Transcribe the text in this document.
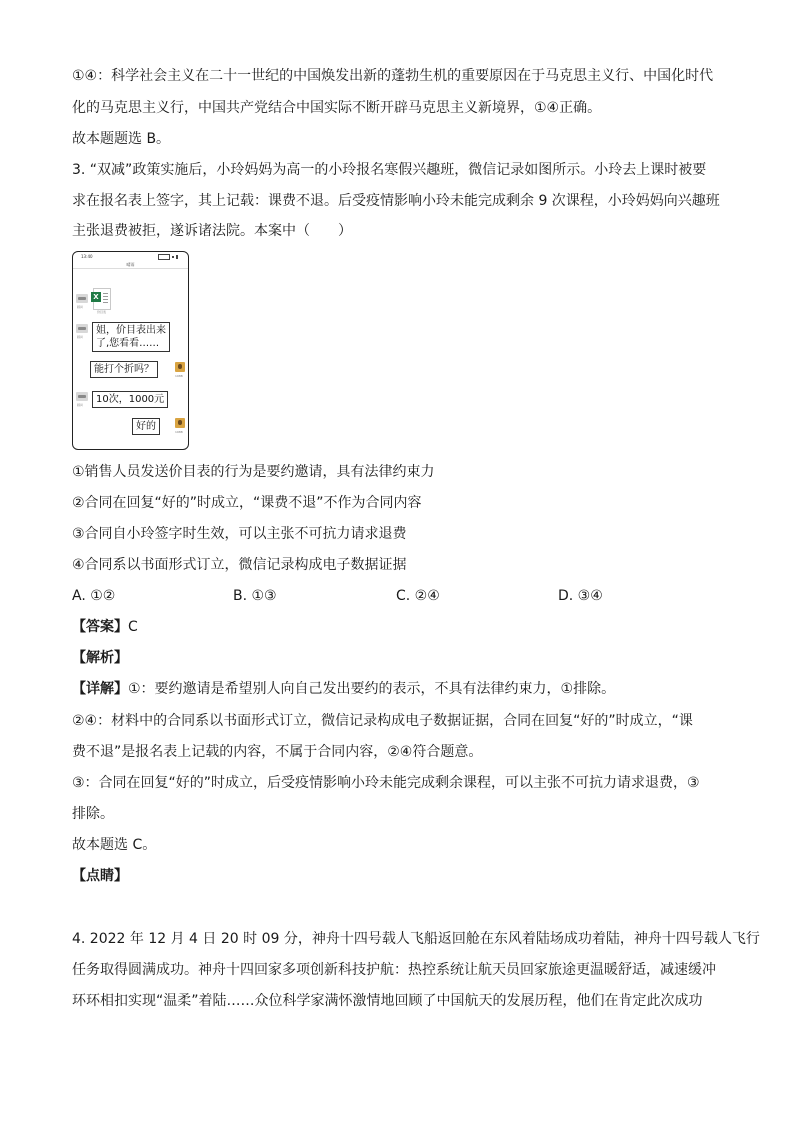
①④：科学社会主义在二十一世纪的中国焕发出新的蓬勃生机的重要原因在于马克思主义行、中国化时代
化的马克思主义行，中国共产党结合中国实际不断开辟马克思主义新境界，①④正确。
故本题题选 B。
3. “双减”政策实施后，小玲妈妈为高一的小玲报名寒假兴趣班，微信记录如图所示。小玲去上课时被要
求在报名表上签字，其上记载：课费不退。后受疫情影响小玲未能完成剩余 9 次课程，小玲妈妈向兴趣班
主张退费被拒，遂诉诸法院。本案中（　　）
13:40
晴雨
顾问
X
价目表
顾问
姐，价目表出来
了,您看看……
能打个折吗？
1988
顾问	10次，1000元
好的	1988
①销售人员发送价目表的行为是要约邀请，具有法律约束力
②合同在回复“好的”时成立，“课费不退”不作为合同内容
③合同自小玲签字时生效，可以主张不可抗力请求退费
④合同系以书面形式订立，微信记录构成电子数据证据
A. ①②	B. ①③	C. ②④	D. ③④
【答案】C
【解析】
【详解】①：要约邀请是希望别人向自己发出要约的表示，不具有法律约束力，①排除。
②④：材料中的合同系以书面形式订立，微信记录构成电子数据证据，合同在回复“好的”时成立，“课
费不退”是报名表上记载的内容，不属于合同内容，②④符合题意。
③：合同在回复“好的”时成立，后受疫情影响小玲未能完成剩余课程，可以主张不可抗力请求退费，③
排除。
故本题选 C。
【点睛】
4. 2022 年 12 月 4 日 20 时 09 分，神舟十四号载人飞船返回舱在东风着陆场成功着陆，神舟十四号载人飞行
任务取得圆满成功。神舟十四回家多项创新科技护航：热控系统让航天员回家旅途更温暖舒适，减速缓冲
环环相扣实现“温柔”着陆……众位科学家满怀激情地回顾了中国航天的发展历程，他们在肯定此次成功
